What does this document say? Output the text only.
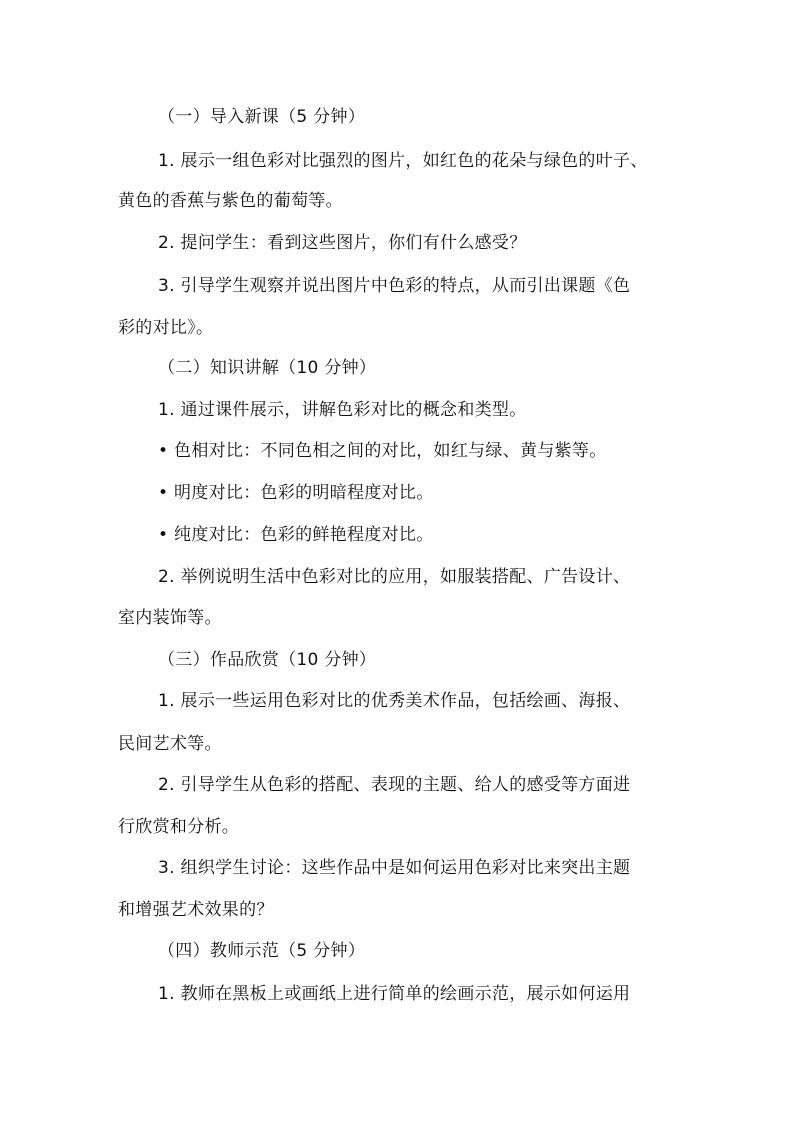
（一）导入新课（5 分钟）

1. 展示一组色彩对比强烈的图片，如红色的花朵与绿色的叶子、

黄色的香蕉与紫色的葡萄等。

2. 提问学生：看到这些图片，你们有什么感受？

3. 引导学生观察并说出图片中色彩的特点，从而引出课题《色

彩的对比》。

（二）知识讲解（10 分钟）

1. 通过课件展示，讲解色彩对比的概念和类型。

• 色相对比：不同色相之间的对比，如红与绿、黄与紫等。

• 明度对比：色彩的明暗程度对比。

• 纯度对比：色彩的鲜艳程度对比。

2. 举例说明生活中色彩对比的应用，如服装搭配、广告设计、

室内装饰等。

（三）作品欣赏（10 分钟）

1. 展示一些运用色彩对比的优秀美术作品，包括绘画、海报、

民间艺术等。

2. 引导学生从色彩的搭配、表现的主题、给人的感受等方面进

行欣赏和分析。

3. 组织学生讨论：这些作品中是如何运用色彩对比来突出主题

和增强艺术效果的？

（四）教师示范（5 分钟）

1. 教师在黑板上或画纸上进行简单的绘画示范，展示如何运用
